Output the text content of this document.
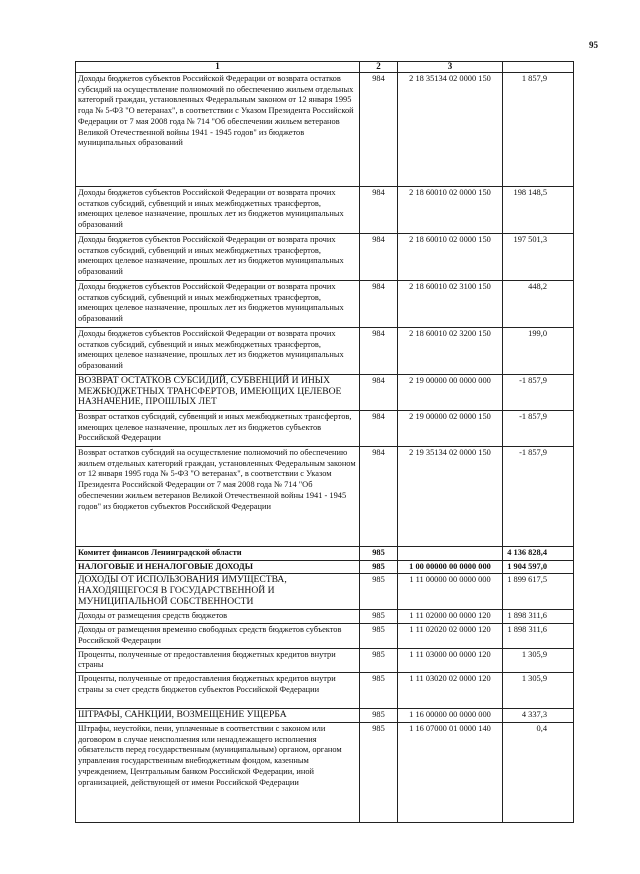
95
1	2	3	
Доходы бюджетов субъектов Российской Федерации от возврата остатков субсидий на осуществление полномочий по обеспечению жильем отдельных категорий граждан, установленных Федеральным законом от 12 января 1995 года № 5-ФЗ "О ветеранах", в соответствии с Указом Президента Российской Федерации от 7 мая 2008 года № 714 "Об обеспечении жильем ветеранов Великой Отечественной войны 1941 - 1945 годов" из бюджетов муниципальных образований	984	2 18 35134 02 0000 150	1 857,9
Доходы бюджетов субъектов Российской Федерации от возврата прочих остатков субсидий, субвенций и иных межбюджетных трансфертов, имеющих целевое назначение, прошлых лет из бюджетов муниципальных образований	984	2 18 60010 02 0000 150	198 148,5
Доходы бюджетов субъектов Российской Федерации от возврата прочих остатков субсидий, субвенций и иных межбюджетных трансфертов, имеющих целевое назначение, прошлых лет из бюджетов муниципальных образований	984	2 18 60010 02 0000 150	197 501,3
Доходы бюджетов субъектов Российской Федерации от возврата прочих остатков субсидий, субвенций и иных межбюджетных трансфертов, имеющих целевое назначение, прошлых лет из бюджетов муниципальных образований	984	2 18 60010 02 3100 150	448,2
Доходы бюджетов субъектов Российской Федерации от возврата прочих остатков субсидий, субвенций и иных межбюджетных трансфертов, имеющих целевое назначение, прошлых лет из бюджетов муниципальных образований	984	2 18 60010 02 3200 150	199,0
ВОЗВРАТ ОСТАТКОВ СУБСИДИЙ, СУБВЕНЦИЙ И ИНЫХ МЕЖБЮДЖЕТНЫХ ТРАНСФЕРТОВ, ИМЕЮЩИХ ЦЕЛЕВОЕ НАЗНАЧЕНИЕ, ПРОШЛЫХ ЛЕТ	984	2 19 00000 00 0000 000	-1 857,9
Возврат остатков субсидий, субвенций и иных межбюджетных трансфертов, имеющих целевое назначение, прошлых лет из бюджетов субъектов Российской Федерации	984	2 19 00000 02 0000 150	-1 857,9
Возврат остатков субсидий на осуществление полномочий по обеспечению жильем отдельных категорий граждан, установленных Федеральным законом от 12 января 1995 года № 5-ФЗ "О ветеранах", в соответствии с Указом Президента Российской Федерации от 7 мая 2008 года № 714 "Об обеспечении жильем ветеранов Великой Отечественной войны 1941 - 1945 годов" из бюджетов субъектов Российской Федерации	984	2 19 35134 02 0000 150	-1 857,9
Комитет финансов Ленинградской области	985		4 136 828,4
НАЛОГОВЫЕ И НЕНАЛОГОВЫЕ ДОХОДЫ	985	1 00 00000 00 0000 000	1 904 597,0
ДОХОДЫ ОТ ИСПОЛЬЗОВАНИЯ ИМУЩЕСТВА, НАХОДЯЩЕГОСЯ В ГОСУДАРСТВЕННОЙ И МУНИЦИПАЛЬНОЙ СОБСТВЕННОСТИ	985	1 11 00000 00 0000 000	1 899 617,5
Доходы от размещения средств бюджетов	985	1 11 02000 00 0000 120	1 898 311,6
Доходы от размещения временно свободных средств бюджетов субъектов Российской Федерации	985	1 11 02020 02 0000 120	1 898 311,6
Проценты, полученные от предоставления бюджетных кредитов внутри страны	985	1 11 03000 00 0000 120	1 305,9
Проценты, полученные от предоставления бюджетных кредитов внутри страны за счет средств бюджетов субъектов Российской Федерации	985	1 11 03020 02 0000 120	1 305,9
ШТРАФЫ, САНКЦИИ, ВОЗМЕЩЕНИЕ УЩЕРБА	985	1 16 00000 00 0000 000	4 337,3
Штрафы, неустойки, пени, уплаченные в соответствии с законом или договором в случае неисполнения или ненадлежащего исполнения обязательств перед государственным (муниципальным) органом, органом управления государственным внебюджетным фондом, казенным учреждением, Центральным банком Российской Федерации, иной организацией, действующей от имени Российской Федерации	985	1 16 07000 01 0000 140	0,4
